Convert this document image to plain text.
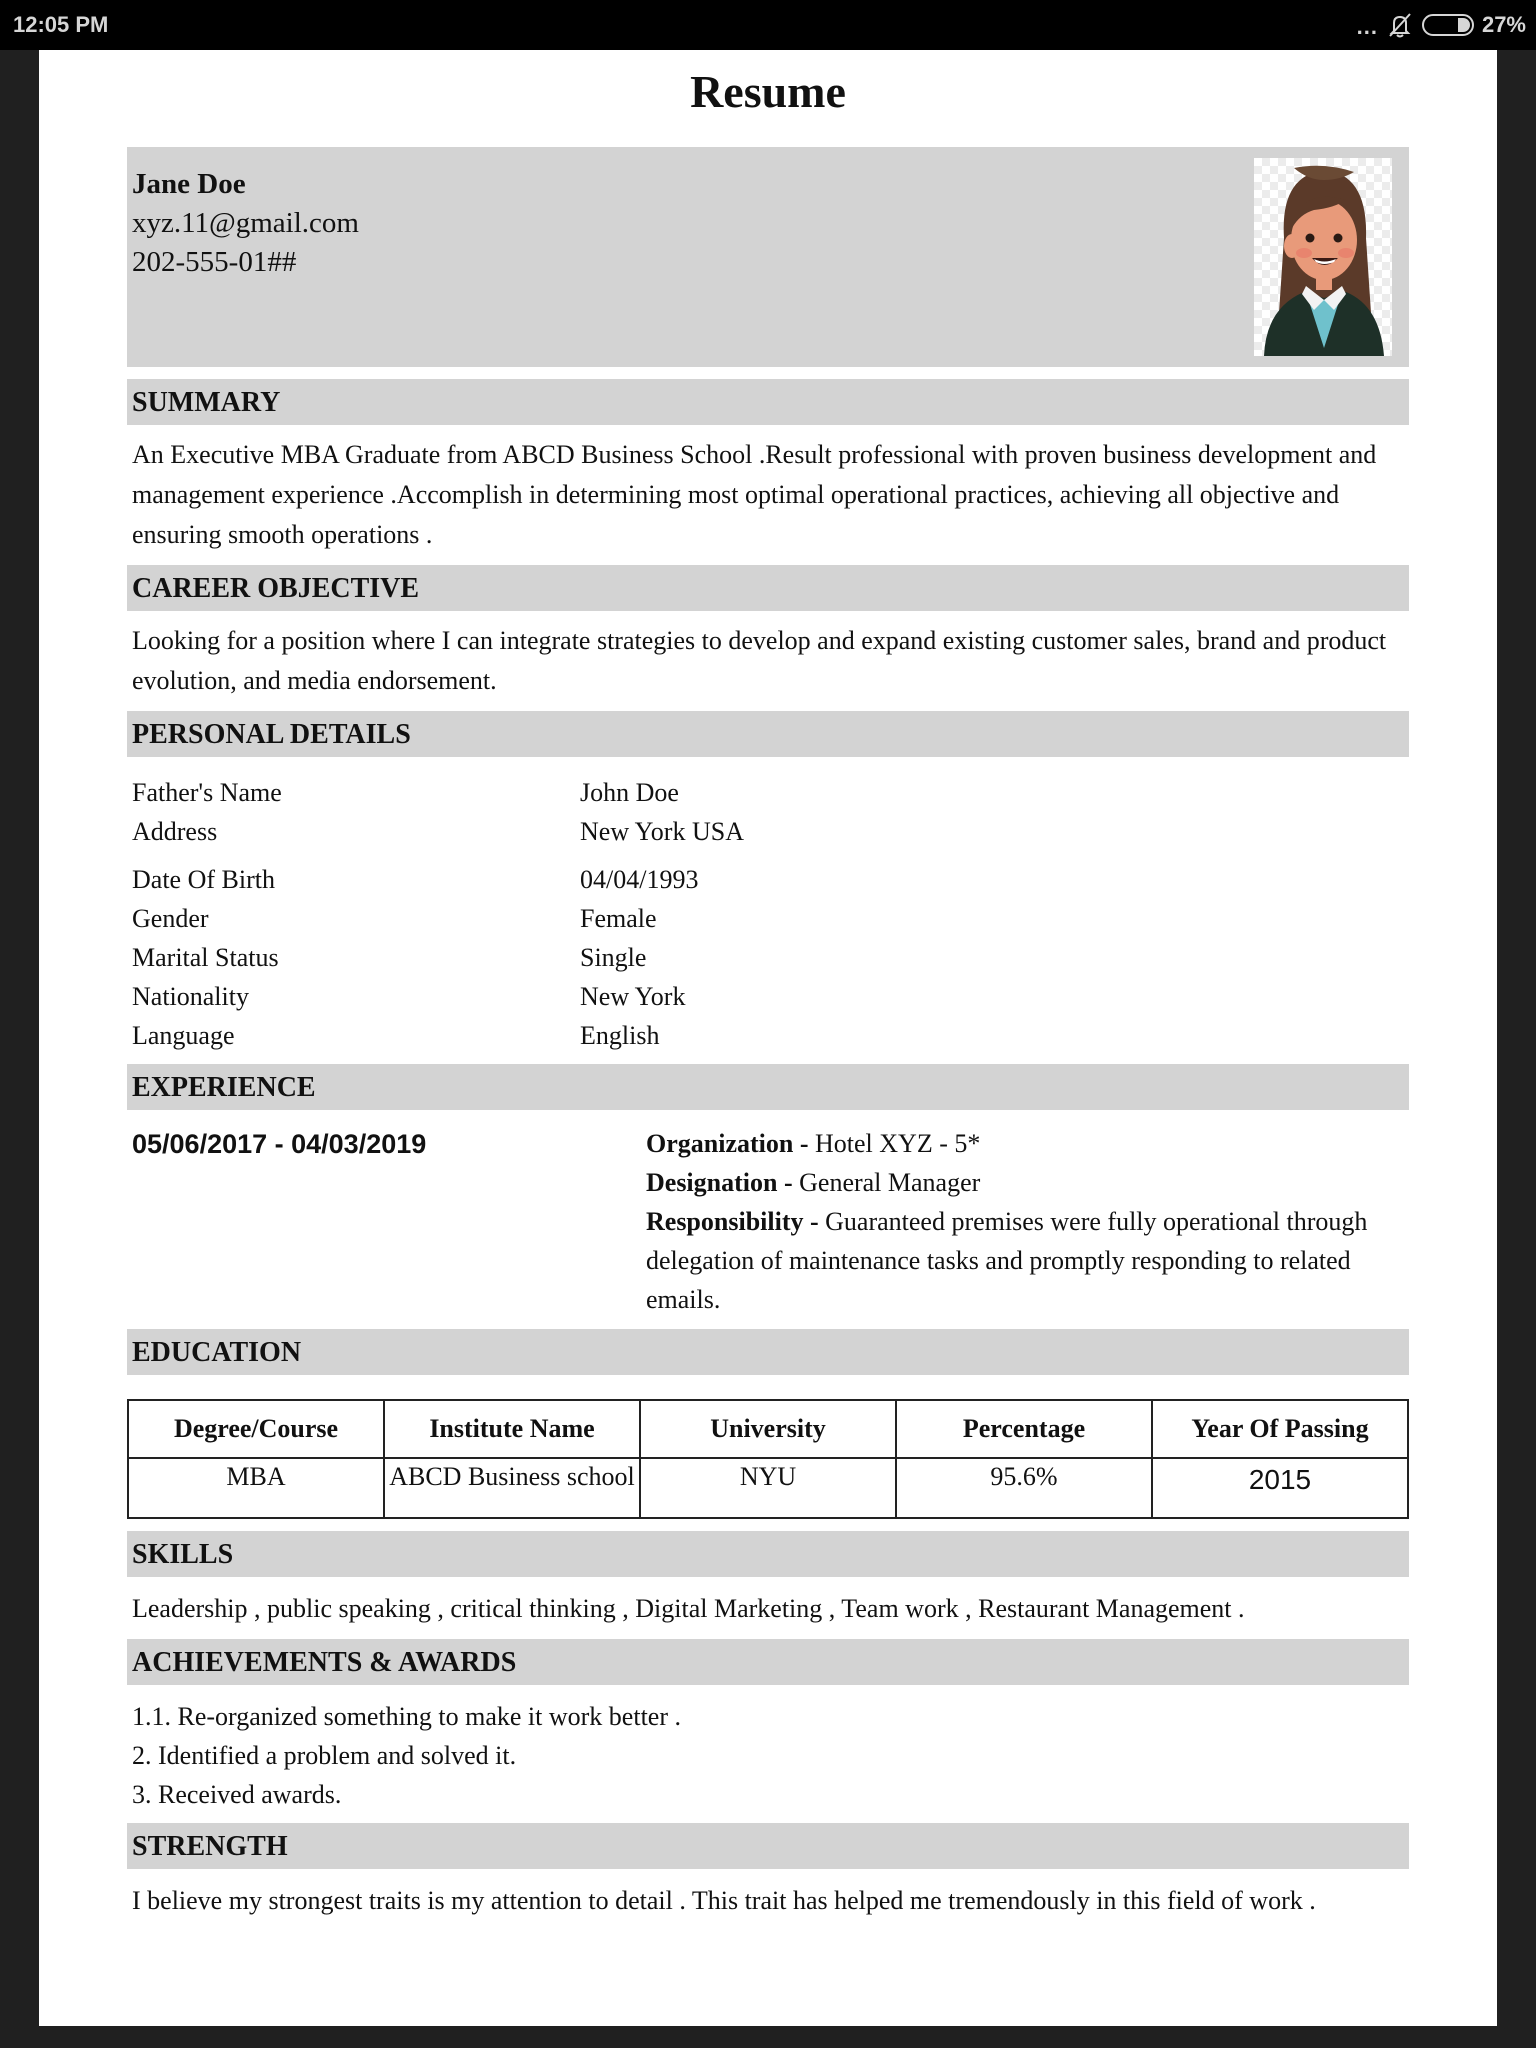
12:05 PM	...	27%
Resume
Jane Doe
xyz.11@gmail.com
202-555-01##
SUMMARY
An Executive MBA Graduate from ABCD Business School .Result professional with proven business development and management experience .Accomplish in determining most optimal operational practices, achieving all objective and ensuring smooth operations .
CAREER OBJECTIVE
Looking for a position where I can integrate strategies to develop and expand existing customer sales, brand and product evolution, and media endorsement.
PERSONAL DETAILS
Father's Name	John Doe
Address	New York USA
Date Of Birth	04/04/1993
Gender	Female
Marital Status	Single
Nationality	New York
Language	English
EXPERIENCE
05/06/2017 - 04/03/2019	Organization - Hotel XYZ - 5*
Designation - General Manager
Responsibility - Guaranteed premises were fully operational through delegation of maintenance tasks and promptly responding to related emails.
EDUCATION
Degree/Course	Institute Name	University	Percentage	Year Of Passing
MBA	ABCD Business school	NYU	95.6%	2015
SKILLS
Leadership , public speaking , critical thinking , Digital Marketing , Team work , Restaurant Management .
ACHIEVEMENTS & AWARDS
1.1. Re-organized something to make it work better .
2. Identified a problem and solved it.
3. Received awards.
STRENGTH
I believe my strongest traits is my attention to detail . This trait has helped me tremendously in this field of work .
